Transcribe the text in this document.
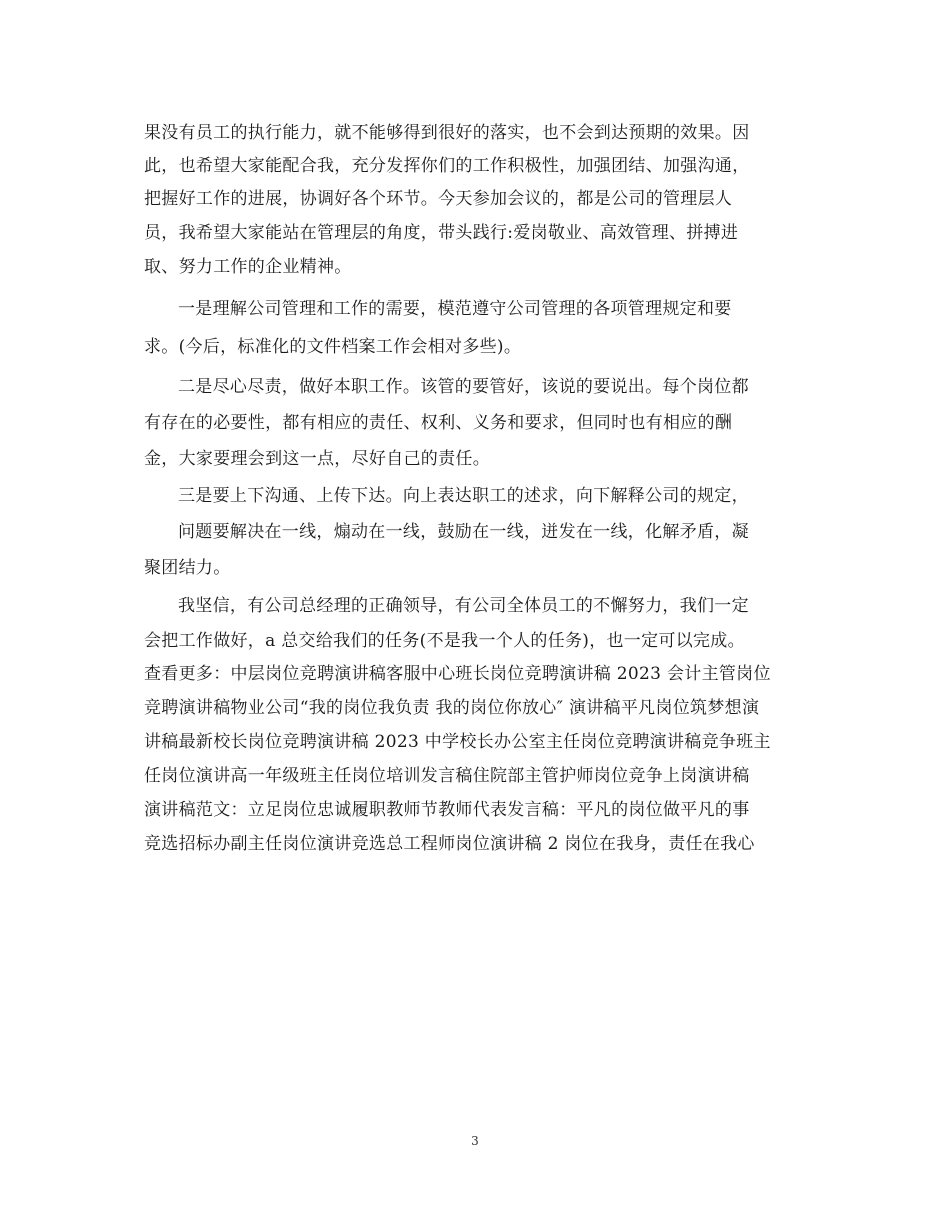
果没有员工的执行能力，就不能够得到很好的落实，也不会到达预期的效果。因
此，也希望大家能配合我，充分发挥你们的工作积极性，加强团结、加强沟通，
把握好工作的进展，协调好各个环节。今天参加会议的，都是公司的管理层人
员，我希望大家能站在管理层的角度，带头践行:爱岗敬业、高效管理、拼搏进
取、努力工作的企业精神。
一是理解公司管理和工作的需要，模范遵守公司管理的各项管理规定和要
求。(今后，标准化的文件档案工作会相对多些)。
二是尽心尽责，做好本职工作。该管的要管好，该说的要说出。每个岗位都
有存在的必要性，都有相应的责任、权利、义务和要求，但同时也有相应的酬
金，大家要理会到这一点，尽好自己的责任。
三是要上下沟通、上传下达。向上表达职工的述求，向下解释公司的规定，
问题要解决在一线，煽动在一线，鼓励在一线，迸发在一线，化解矛盾，凝
聚团结力。
我坚信，有公司总经理的正确领导，有公司全体员工的不懈努力，我们一定
会把工作做好，a 总交给我们的任务(不是我一个人的任务)，也一定可以完成。
查看更多：中层岗位竞聘演讲稿客服中心班长岗位竞聘演讲稿 2023 会计主管岗位
竞聘演讲稿物业公司“我的岗位我负责 我的岗位你放心″ 演讲稿平凡岗位筑梦想演
讲稿最新校长岗位竞聘演讲稿 2023 中学校长办公室主任岗位竞聘演讲稿竞争班主
任岗位演讲高一年级班主任岗位培训发言稿住院部主管护师岗位竞争上岗演讲稿
演讲稿范文：立足岗位忠诚履职教师节教师代表发言稿：平凡的岗位做平凡的事
竞选招标办副主任岗位演讲竞选总工程师岗位演讲稿 2 岗位在我身，责任在我心
3
